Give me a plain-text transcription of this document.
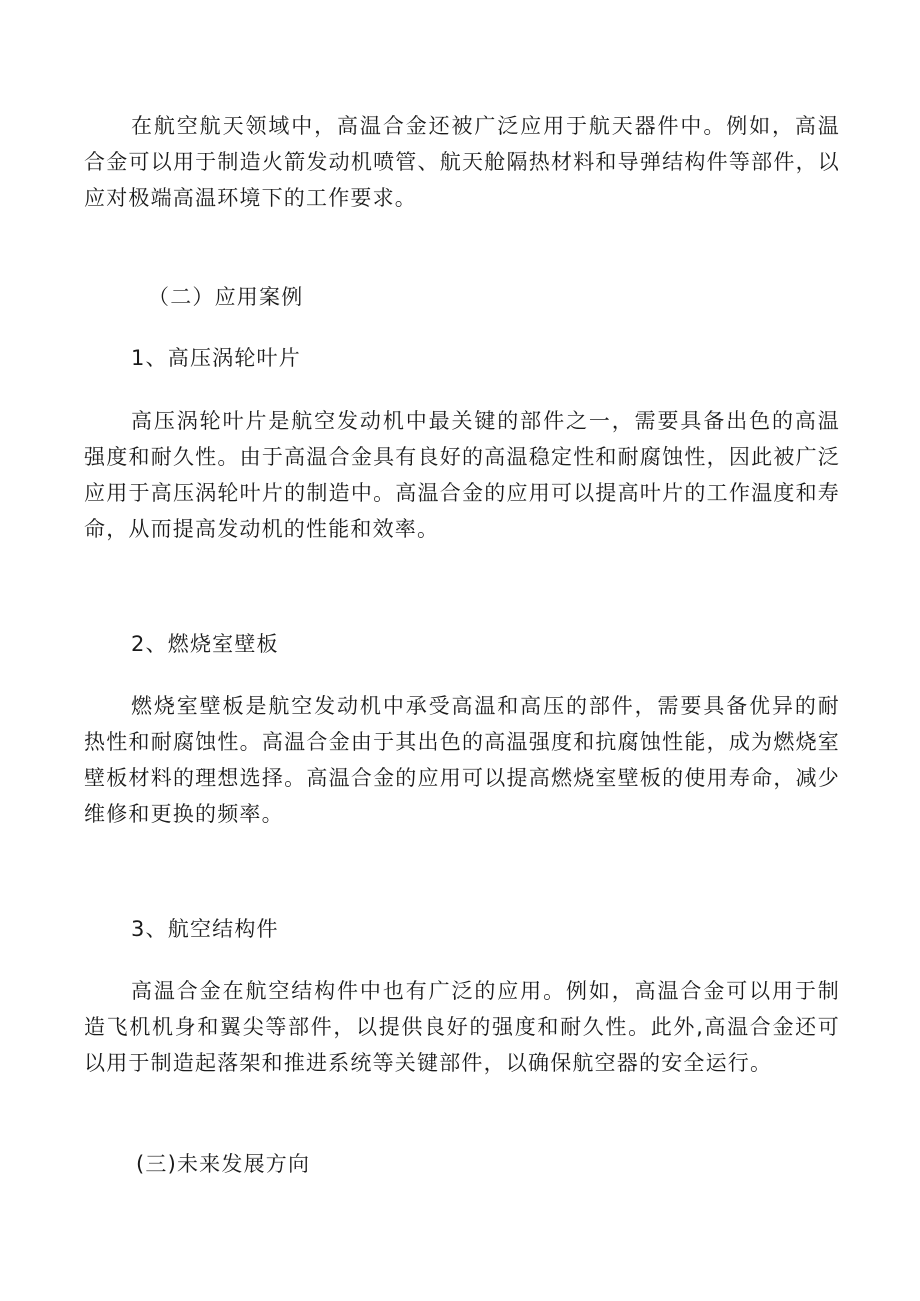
在航空航天领域中，高温合金还被广泛应用于航天器件中。例如，高温合金可以用于制造火箭发动机喷管、航天舱隔热材料和导弹结构件等部件，以应对极端高温环境下的工作要求。

（二）应用案例
1、高压涡轮叶片

高压涡轮叶片是航空发动机中最关键的部件之一，需要具备出色的高温强度和耐久性。由于高温合金具有良好的高温稳定性和耐腐蚀性，因此被广泛应用于高压涡轮叶片的制造中。高温合金的应用可以提高叶片的工作温度和寿命，从而提高发动机的性能和效率。

2、燃烧室壁板

燃烧室壁板是航空发动机中承受高温和高压的部件，需要具备优异的耐热性和耐腐蚀性。高温合金由于其出色的高温强度和抗腐蚀性能，成为燃烧室壁板材料的理想选择。高温合金的应用可以提高燃烧室壁板的使用寿命，减少维修和更换的频率。

3、航空结构件

高温合金在航空结构件中也有广泛的应用。例如，高温合金可以用于制造飞机机身和翼尖等部件，以提供良好的强度和耐久性。此外,高温合金还可以用于制造起落架和推进系统等关键部件，以确保航空器的安全运行。

(三)未来发展方向
